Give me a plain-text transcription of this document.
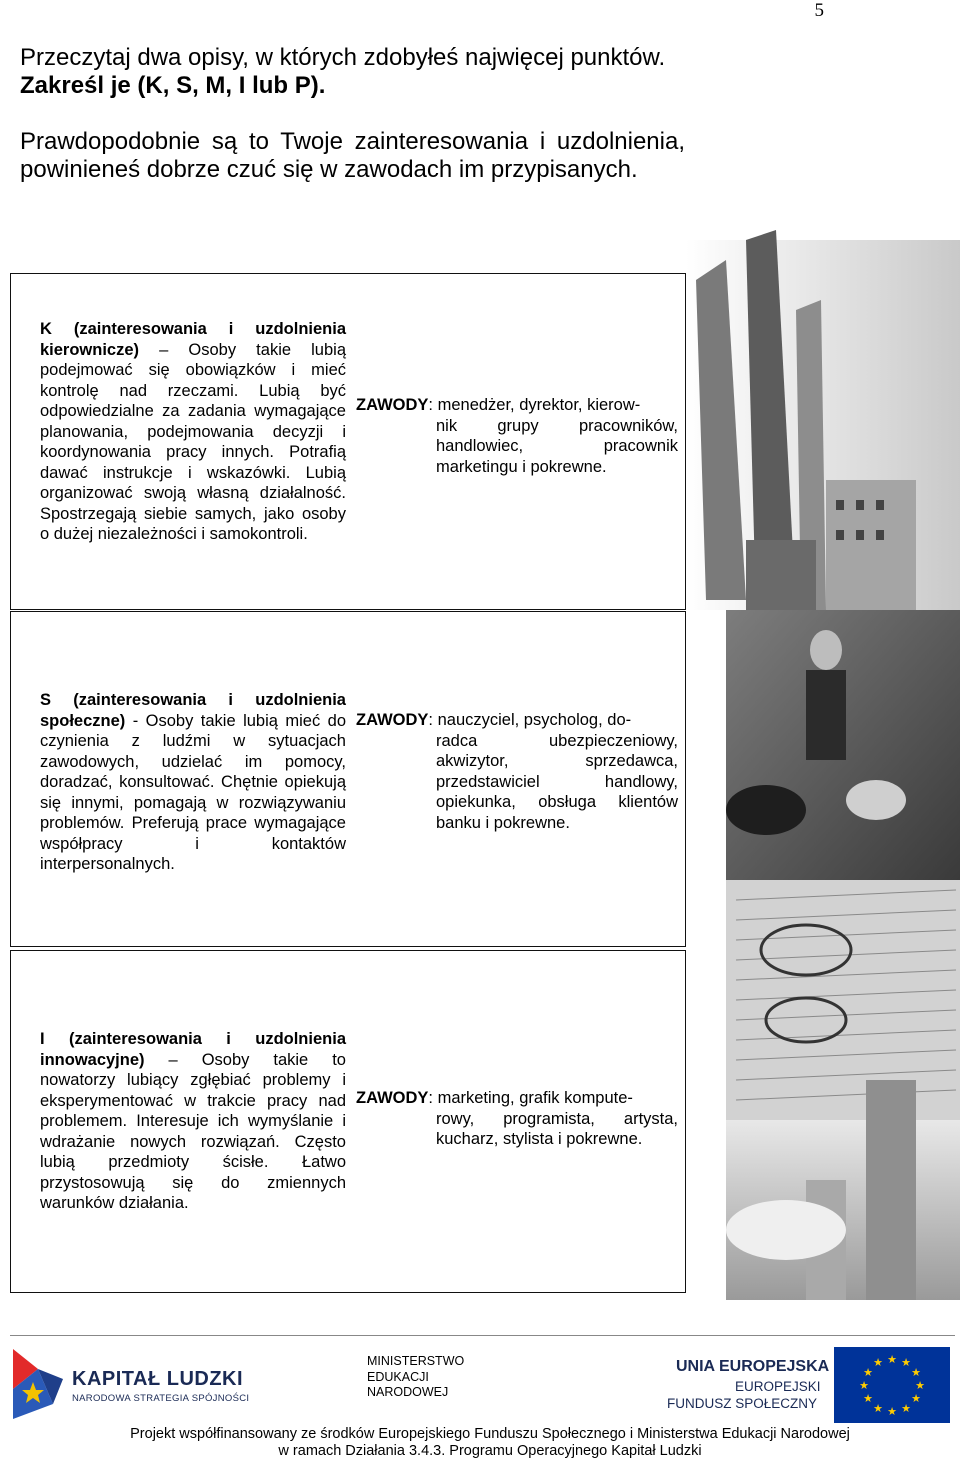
5

Przeczytaj dwa opisy, w których zdobyłeś najwięcej punktów.

Zakreśl je (K, S, M, I lub P).

Prawdopodobnie są to Twoje zainteresowania i uzdolnienia, powinieneś dobrze czuć się w zawodach im przypisanych.

K (zainteresowania i uzdolnienia kierownicze) – Osoby takie lubią podejmować się obowiązków i mieć kontrolę nad rzeczami. Lubią być odpowiedzialne za zadania wymagające planowania, podejmowania decyzji i koordynowania pracy innych. Potrafią dawać instrukcje i wskazówki. Lubią organizować swoją własną działalność. Spostrzegają siebie samych, jako osoby o dużej niezależności i samokontroli.
ZAWODY: menedżer, dyrektor, kierow-
nik grupy pracowników, handlowiec, pracownik marketingu i pokrewne.
S (zainteresowania i uzdolnienia społeczne) - Osoby takie lubią mieć do czynienia z ludźmi w sytuacjach zawodowych, udzielać im pomocy, doradzać, konsultować. Chętnie opiekują się innymi, pomagają w rozwiązywaniu problemów. Preferują prace wymagające współpracy i kontaktów interpersonalnych.
ZAWODY: nauczyciel, psycholog, do-
radca ubezpieczeniowy, akwizytor, sprzedawca, przedstawiciel handlowy, opiekunka, obsługa klientów banku i pokrewne.
I (zainteresowania i uzdolnienia innowacyjne) – Osoby takie to nowatorzy lubiący zgłębiać problemy i eksperymentować w trakcie pracy nad problemem. Interesuje ich wymyślanie i wdrażanie nowych rozwiązań. Często lubią przedmioty ścisłe. Łatwo przystosowują się do zmiennych warunków działania.
ZAWODY: marketing, grafik kompute-
rowy, programista, artysta, kucharz, stylista i pokrewne.
KAPITAŁ LUDZKI
NARODOWA STRATEGIA SPÓJNOŚCI
MINISTERSTWO
EDUKACJI
NARODOWEJ
UNIA EUROPEJSKA
EUROPEJSKI
FUNDUSZ SPOŁECZNY
★ ★
★
★
★
★
★
★
★
★
★
★
Projekt współfinansowany ze środków Europejskiego Funduszu Społecznego i Ministerstwa Edukacji Narodowej
w ramach Działania 3.4.3. Programu Operacyjnego Kapitał Ludzki
